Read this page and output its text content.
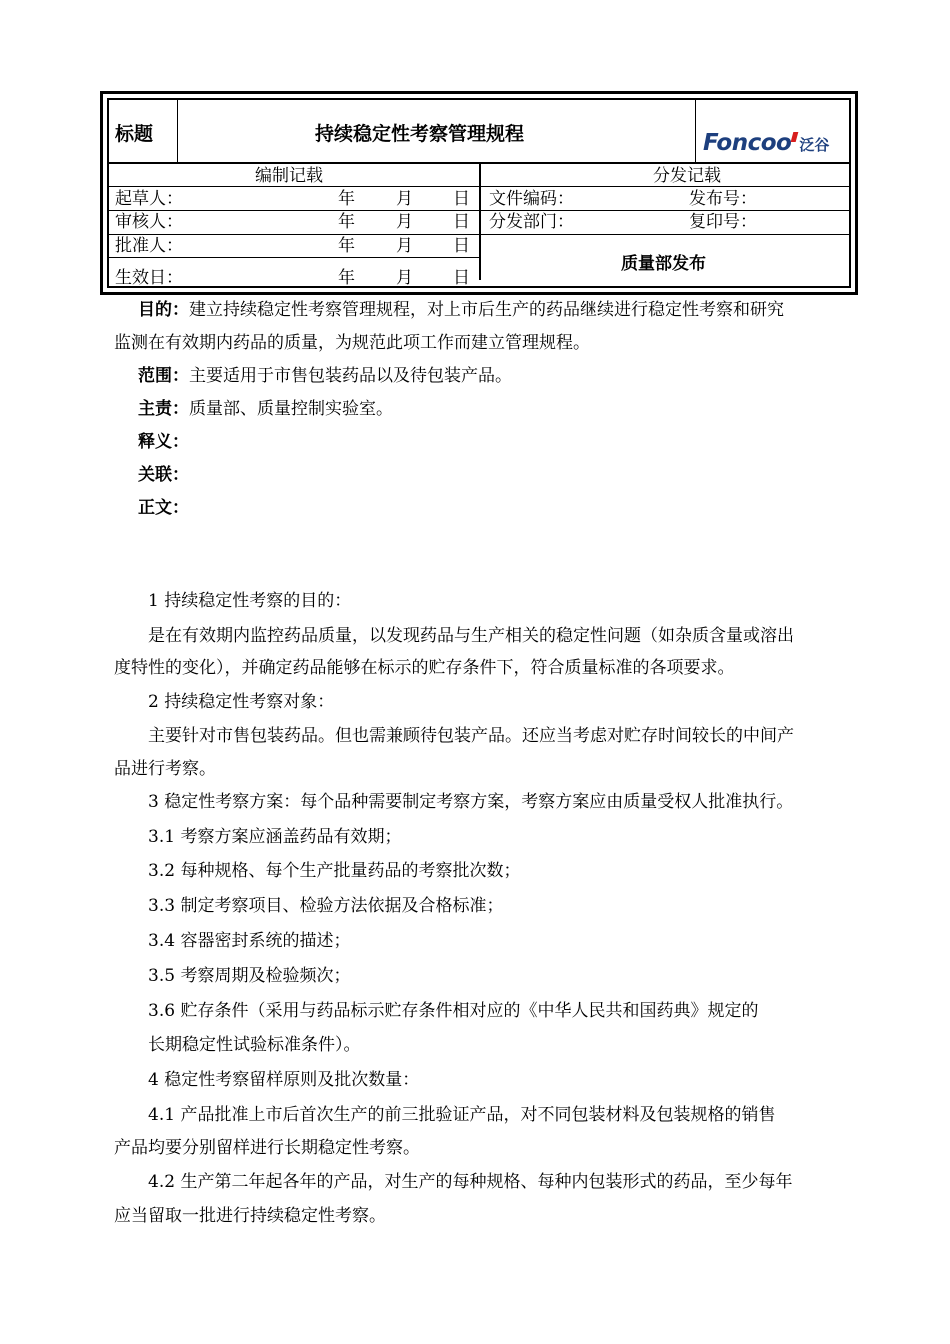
标题	持续稳定性考察管理规程	Foncoo 泛谷
编制记载	分发记载
起草人：	年 月 日
审核人：	年 月 日
批准人：	年 月 日
生效日：	年 月 日
文件编码：	发布号：
分发部门：	复印号：
质量部发布
目的：建立持续稳定性考察管理规程，对上市后生产的药品继续进行稳定性考察和研究
监测在有效期内药品的质量，为规范此项工作而建立管理规程。
范围：主要适用于市售包装药品以及待包装产品。
主责：质量部、质量控制实验室。
释义：
关联：
正文：
1 持续稳定性考察的目的：
是在有效期内监控药品质量，以发现药品与生产相关的稳定性问题（如杂质含量或溶出
度特性的变化），并确定药品能够在标示的贮存条件下，符合质量标准的各项要求。
2 持续稳定性考察对象：
主要针对市售包装药品。但也需兼顾待包装产品。还应当考虑对贮存时间较长的中间产
品进行考察。
3 稳定性考察方案：每个品种需要制定考察方案，考察方案应由质量受权人批准执行。
3.1 考察方案应涵盖药品有效期；
3.2 每种规格、每个生产批量药品的考察批次数；
3.3 制定考察项目、检验方法依据及合格标准；
3.4 容器密封系统的描述；
3.5 考察周期及检验频次；
3.6 贮存条件（采用与药品标示贮存条件相对应的《中华人民共和国药典》规定的
长期稳定性试验标准条件）。
4 稳定性考察留样原则及批次数量：
4.1 产品批准上市后首次生产的前三批验证产品，对不同包装材料及包装规格的销售
产品均要分别留样进行长期稳定性考察。
4.2 生产第二年起各年的产品，对生产的每种规格、每种内包装形式的药品，至少每年
应当留取一批进行持续稳定性考察。
